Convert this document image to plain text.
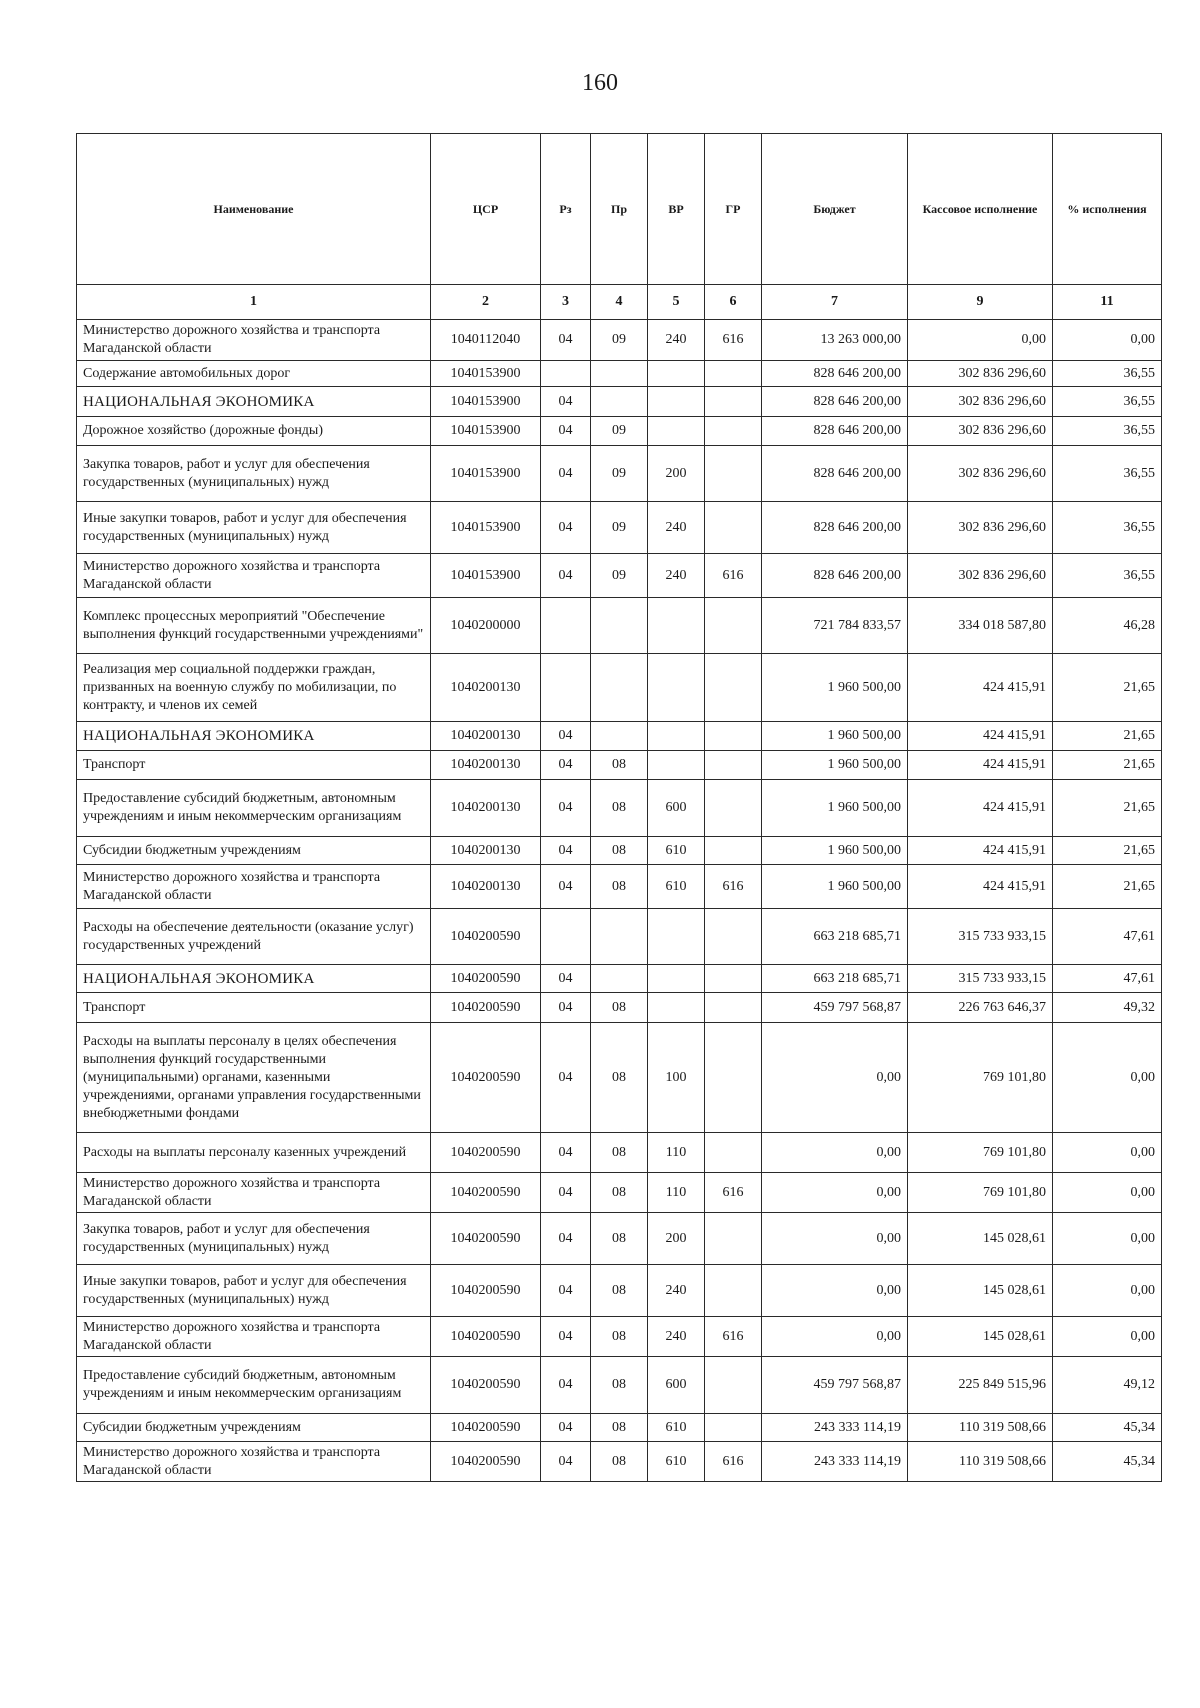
160
Наименование	ЦСР	Рз	Пр	ВР	ГР	Бюджет	Кассовое исполнение	% исполнения
1	2	3	4	5	6	7	9	11
Министерство дорожного хозяйства и транспорта Магаданской области	1040112040	04	09	240	616	13 263 000,00	0,00	0,00
Содержание автомобильных дорог	1040153900					828 646 200,00	302 836 296,60	36,55
НАЦИОНАЛЬНАЯ ЭКОНОМИКА	1040153900	04				828 646 200,00	302 836 296,60	36,55
Дорожное хозяйство (дорожные фонды)	1040153900	04	09			828 646 200,00	302 836 296,60	36,55
Закупка товаров, работ и услуг для обеспечения государственных (муниципальных) нужд	1040153900	04	09	200		828 646 200,00	302 836 296,60	36,55
Иные закупки товаров, работ и услуг для обеспечения государственных (муниципальных) нужд	1040153900	04	09	240		828 646 200,00	302 836 296,60	36,55
Министерство дорожного хозяйства и транспорта Магаданской области	1040153900	04	09	240	616	828 646 200,00	302 836 296,60	36,55
Комплекс процессных мероприятий "Обеспечение выполнения функций государственными учреждениями"	1040200000					721 784 833,57	334 018 587,80	46,28
Реализация мер социальной поддержки граждан, призванных на военную службу по мобилизации, по контракту, и членов их семей	1040200130					1 960 500,00	424 415,91	21,65
НАЦИОНАЛЬНАЯ ЭКОНОМИКА	1040200130	04				1 960 500,00	424 415,91	21,65
Транспорт	1040200130	04	08			1 960 500,00	424 415,91	21,65
Предоставление субсидий бюджетным, автономным учреждениям и иным некоммерческим организациям	1040200130	04	08	600		1 960 500,00	424 415,91	21,65
Субсидии бюджетным учреждениям	1040200130	04	08	610		1 960 500,00	424 415,91	21,65
Министерство дорожного хозяйства и транспорта Магаданской области	1040200130	04	08	610	616	1 960 500,00	424 415,91	21,65
Расходы на обеспечение деятельности (оказание услуг) государственных учреждений	1040200590					663 218 685,71	315 733 933,15	47,61
НАЦИОНАЛЬНАЯ ЭКОНОМИКА	1040200590	04				663 218 685,71	315 733 933,15	47,61
Транспорт	1040200590	04	08			459 797 568,87	226 763 646,37	49,32
Расходы на выплаты персоналу в целях обеспечения выполнения функций государственными (муниципальными) органами, казенными учреждениями, органами управления государственными внебюджетными фондами	1040200590	04	08	100		0,00	769 101,80	0,00
Расходы на выплаты персоналу казенных учреждений	1040200590	04	08	110		0,00	769 101,80	0,00
Министерство дорожного хозяйства и транспорта Магаданской области	1040200590	04	08	110	616	0,00	769 101,80	0,00
Закупка товаров, работ и услуг для обеспечения государственных (муниципальных) нужд	1040200590	04	08	200		0,00	145 028,61	0,00
Иные закупки товаров, работ и услуг для обеспечения государственных (муниципальных) нужд	1040200590	04	08	240		0,00	145 028,61	0,00
Министерство дорожного хозяйства и транспорта Магаданской области	1040200590	04	08	240	616	0,00	145 028,61	0,00
Предоставление субсидий бюджетным, автономным учреждениям и иным некоммерческим организациям	1040200590	04	08	600		459 797 568,87	225 849 515,96	49,12
Субсидии бюджетным учреждениям	1040200590	04	08	610		243 333 114,19	110 319 508,66	45,34
Министерство дорожного хозяйства и транспорта Магаданской области	1040200590	04	08	610	616	243 333 114,19	110 319 508,66	45,34
